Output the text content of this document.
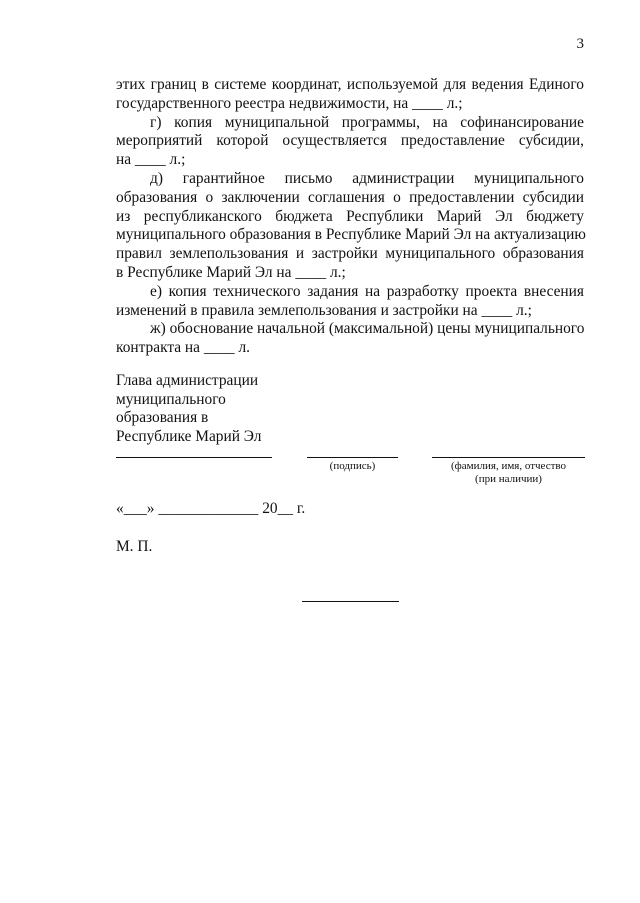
3
этих границ в системе координат, используемой для ведения Единого
государственного реестра недвижимости, на ____ л.;
г) копия муниципальной программы, на софинансирование
мероприятий которой осуществляется предоставление субсидии,
на ____ л.;
д) гарантийное письмо администрации муниципального
образования о заключении соглашения о предоставлении субсидии
из республиканского бюджета Республики Марий Эл бюджету
муниципального образования в Республике Марий Эл на актуализацию
правил землепользования и застройки муниципального образования
в Республике Марий Эл на ____ л.;
е) копия технического задания на разработку проекта внесения
изменений в правила землепользования и застройки на ____ л.;
ж) обоснование начальной (максимальной) цены муниципального
контракта на ____ л.
Глава администрации
муниципального
образования в
Республике Марий Эл
(подпись)	(фамилия, имя, отчество
(при наличии)
«___» _____________ 20__ г.
М. П.
